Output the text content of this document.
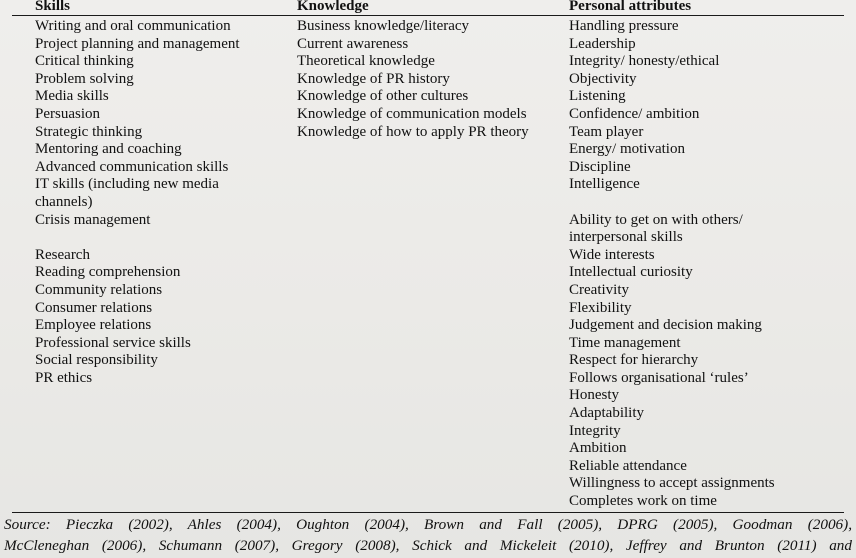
Skills
Writing and oral communication
Project planning and management
Critical thinking
Problem solving
Media skills
Persuasion
Strategic thinking
Mentoring and coaching
Advanced communication skills
IT skills (including new media
channels)
Crisis management
Research
Reading comprehension
Community relations
Consumer relations
Employee relations
Professional service skills
Social responsibility
PR ethics
Knowledge
Business knowledge/literacy
Current awareness
Theoretical knowledge
Knowledge of PR history
Knowledge of other cultures
Knowledge of communication models
Knowledge of how to apply PR theory
Personal attributes
Handling pressure
Leadership
Integrity/ honesty/ethical
Objectivity
Listening
Confidence/ ambition
Team player
Energy/ motivation
Discipline
Intelligence
Ability to get on with others/
interpersonal skills
Wide interests
Intellectual curiosity
Creativity
Flexibility
Judgement and decision making
Time management
Respect for hierarchy
Follows organisational ‘rules’
Honesty
Adaptability
Integrity
Ambition
Reliable attendance
Willingness to accept assignments
Completes work on time
Source: Pieczka (2002), Ahles (2004), Oughton (2004), Brown and Fall (2005), DPRG (2005), Goodman (2006),
McCleneghan (2006), Schumann (2007), Gregory (2008), Schick and Mickeleit (2010), Jeffrey and Brunton (2011) and
